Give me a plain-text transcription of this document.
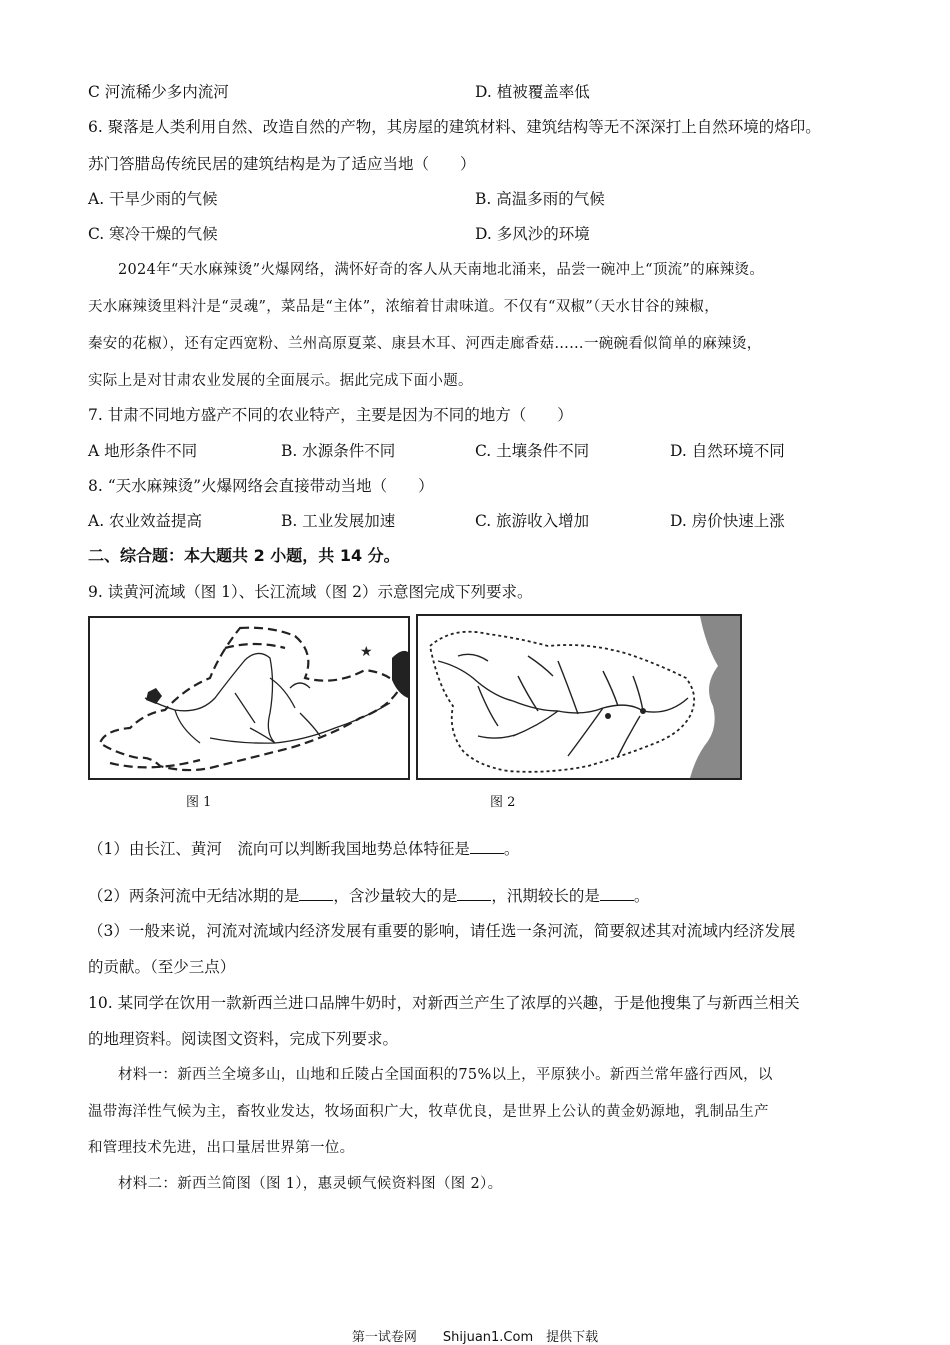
C 河流稀少多内流河	D. 植被覆盖率低
6. 聚落是人类利用自然、改造自然的产物，其房屋的建筑材料、建筑结构等无不深深打上自然环境的烙印。
苏门答腊岛传统民居的建筑结构是为了适应当地（　　）
A. 干旱少雨的气候	B. 高温多雨的气候
C. 寒冷干燥的气候	D. 多风沙的环境
2024年“天水麻辣烫”火爆网络，满怀好奇的客人从天南地北涌来，品尝一碗冲上“顶流”的麻辣烫。
天水麻辣烫里料汁是“灵魂”，菜品是“主体”，浓缩着甘肃味道。不仅有“双椒”（天水甘谷的辣椒，
秦安的花椒），还有定西宽粉、兰州高原夏菜、康县木耳、河西走廊香菇……一碗碗看似简单的麻辣烫，
实际上是对甘肃农业发展的全面展示。据此完成下面小题。
7. 甘肃不同地方盛产不同的农业特产，主要是因为不同的地方（　　）
A 地形条件不同	B. 水源条件不同	C. 土壤条件不同	D. 自然环境不同
8. “天水麻辣烫”火爆网络会直接带动当地（　　）
A. 农业效益提高	B. 工业发展加速	C. 旅游收入增加	D. 房价快速上涨
二、综合题：本大题共 2 小题，共 14 分。
9. 读黄河流域（图 1）、长江流域（图 2）示意图完成下列要求。
★
图 1	图 2
（1）由长江、黄河　流向可以判断我国地势总体特征是 。
（2）两条河流中无结冰期的是 ，含沙量较大的是 ，汛期较长的是 。
（3）一般来说，河流对流域内经济发展有重要的影响，请任选一条河流，简要叙述其对流域内经济发展
的贡献。（至少三点）
10. 某同学在饮用一款新西兰进口品牌牛奶时，对新西兰产生了浓厚的兴趣，于是他搜集了与新西兰相关
的地理资料。阅读图文资料，完成下列要求。
材料一：新西兰全境多山，山地和丘陵占全国面积的75%以上，平原狭小。新西兰常年盛行西风，以
温带海洋性气候为主，畜牧业发达，牧场面积广大，牧草优良，是世界上公认的黄金奶源地，乳制品生产
和管理技术先进，出口量居世界第一位。
材料二：新西兰简图（图 1），惠灵顿气候资料图（图 2）。
第一试卷网　　Shijuan1.Com　提供下载
